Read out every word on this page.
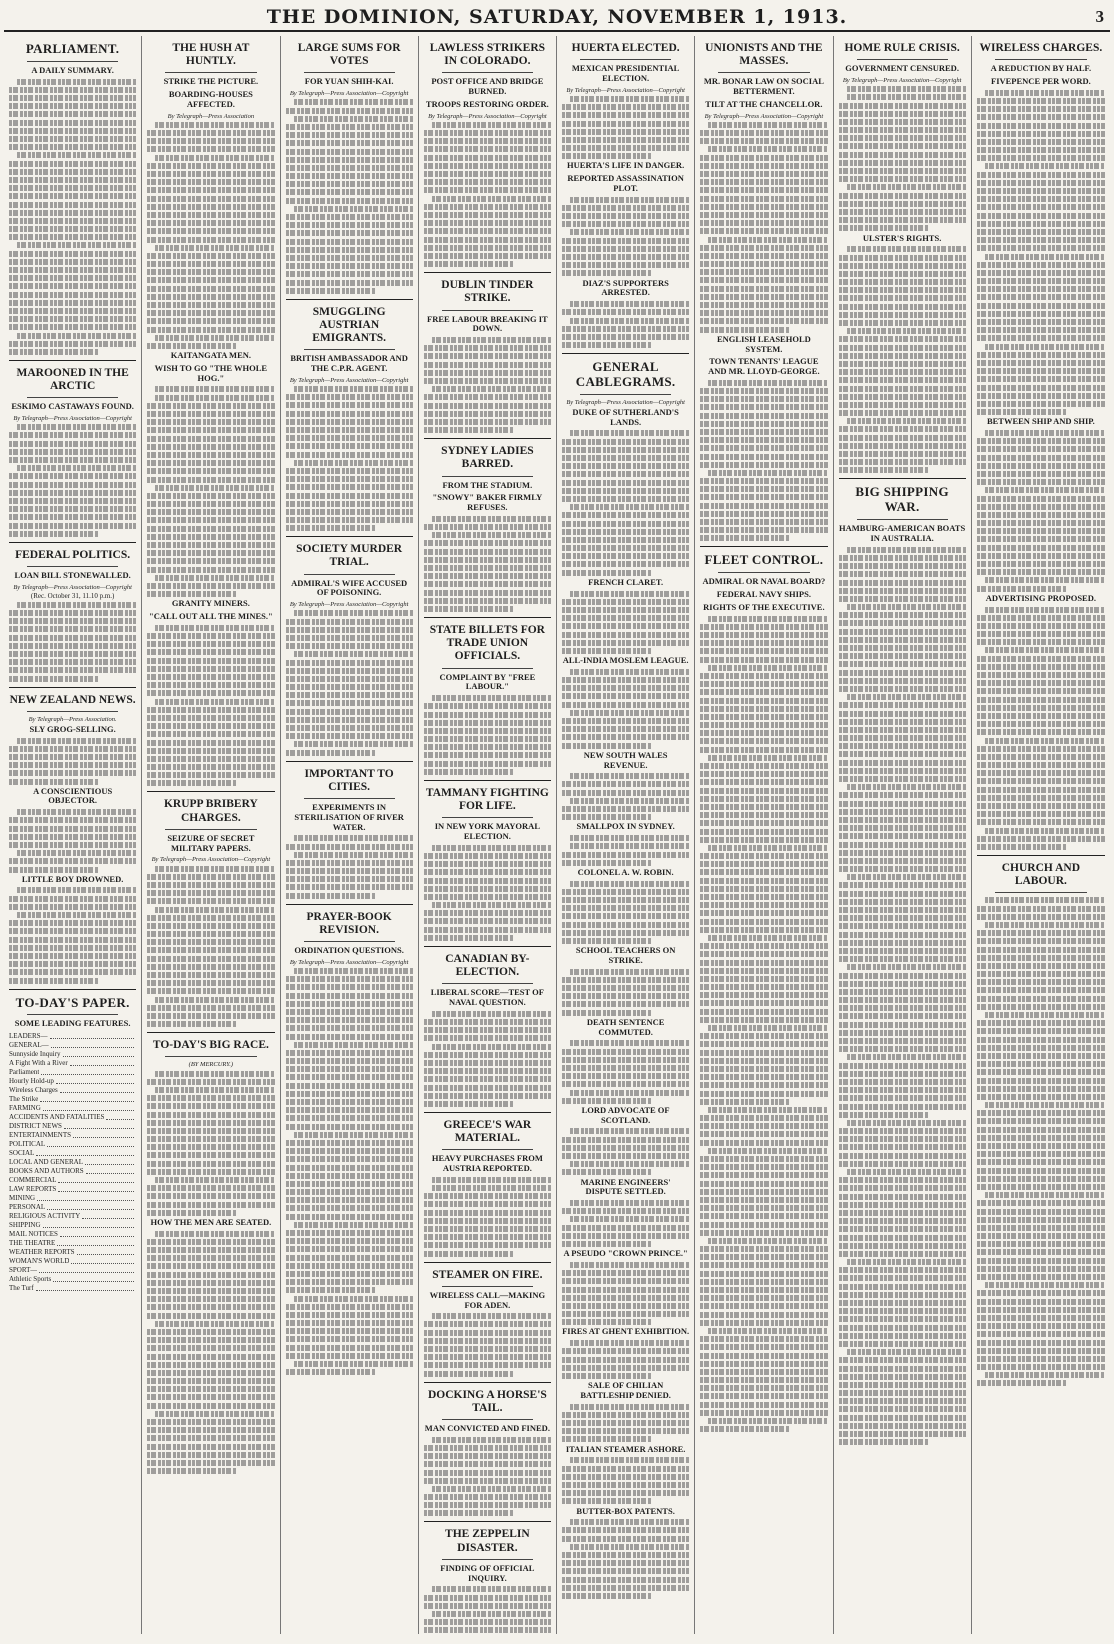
THE DOMINION, SATURDAY, NOVEMBER 1, 1913.	3
PARLIAMENT.
A DAILY SUMMARY.
MAROONED IN THE ARCTIC
ESKIMO CASTAWAYS FOUND.
By Telegraph—Press Association—Copyright
FEDERAL POLITICS.
LOAN BILL STONEWALLED.
By Telegraph—Press Association—Copyright
(Rec. October 31, 11.10 p.m.)
NEW ZEALAND NEWS.
By Telegraph—Press Association.
SLY GROG-SELLING.
A CONSCIENTIOUS OBJECTOR.
LITTLE BOY DROWNED.
TO-DAY'S PAPER.
SOME LEADING FEATURES.
LEADERS—
GENERAL—
Sunnyside Inquiry
A Fight With a River
Parliament
Hourly Hold-up
Wireless Charges
The Strike
FARMING
ACCIDENTS AND FATALITIES
DISTRICT NEWS
ENTERTAINMENTS
POLITICAL
SOCIAL
LOCAL AND GENERAL
BOOKS AND AUTHORS
COMMERCIAL
LAW REPORTS
MINING
PERSONAL
RELIGIOUS ACTIVITY
SHIPPING
MAIL NOTICES
THE THEATRE
WEATHER REPORTS
WOMAN'S WORLD
SPORT—
Athletic Sports
The Turf
THE HUSH AT HUNTLY.
STRIKE THE PICTURE.
BOARDING-HOUSES AFFECTED.
By Telegraph—Press Association
KAITANGATA MEN.
WISH TO GO "THE WHOLE HOG."
GRANITY MINERS.
"CALL OUT ALL THE MINES."
KRUPP BRIBERY CHARGES.
SEIZURE OF SECRET MILITARY PAPERS.
By Telegraph—Press Association—Copyright
TO-DAY'S BIG RACE.
(BY MERCURY.)
HOW THE MEN ARE SEATED.
LARGE SUMS FOR VOTES
FOR YUAN SHIH-KAI.
By Telegraph—Press Association—Copyright
SMUGGLING AUSTRIAN EMIGRANTS.
BRITISH AMBASSADOR AND THE C.P.R. AGENT.
By Telegraph—Press Association—Copyright
SOCIETY MURDER TRIAL.
ADMIRAL'S WIFE ACCUSED OF POISONING.
By Telegraph—Press Association—Copyright
IMPORTANT TO CITIES.
EXPERIMENTS IN STERILISATION OF RIVER WATER.
PRAYER-BOOK REVISION.
ORDINATION QUESTIONS.
By Telegraph—Press Association—Copyright
LAWLESS STRIKERS IN COLORADO.
POST OFFICE AND BRIDGE BURNED.
TROOPS RESTORING ORDER.
By Telegraph—Press Association—Copyright
DUBLIN TINDER STRIKE.
FREE LABOUR BREAKING IT DOWN.
SYDNEY LADIES BARRED.
FROM THE STADIUM.
"SNOWY" BAKER FIRMLY REFUSES.
STATE BILLETS FOR TRADE UNION OFFICIALS.
COMPLAINT BY "FREE LABOUR."
TAMMANY FIGHTING FOR LIFE.
IN NEW YORK MAYORAL ELECTION.
CANADIAN BY-ELECTION.
LIBERAL SCORE—TEST OF NAVAL QUESTION.
GREECE'S WAR MATERIAL.
HEAVY PURCHASES FROM AUSTRIA REPORTED.
STEAMER ON FIRE.
WIRELESS CALL—MAKING FOR ADEN.
DOCKING A HORSE'S TAIL.
MAN CONVICTED AND FINED.
THE ZEPPELIN DISASTER.
FINDING OF OFFICIAL INQUIRY.
HUERTA ELECTED.
MEXICAN PRESIDENTIAL ELECTION.
By Telegraph—Press Association—Copyright
HUERTA'S LIFE IN DANGER.
REPORTED ASSASSINATION PLOT.
DIAZ'S SUPPORTERS ARRESTED.
GENERAL CABLEGRAMS.
By Telegraph—Press Association—Copyright
DUKE OF SUTHERLAND'S LANDS.
FRENCH CLARET.
ALL-INDIA MOSLEM LEAGUE.
NEW SOUTH WALES REVENUE.
SMALLPOX IN SYDNEY.
COLONEL A. W. ROBIN.
SCHOOL TEACHERS ON STRIKE.
DEATH SENTENCE COMMUTED.
LORD ADVOCATE OF SCOTLAND.
MARINE ENGINEERS' DISPUTE SETTLED.
A PSEUDO "CROWN PRINCE."
FIRES AT GHENT EXHIBITION.
SALE OF CHILIAN BATTLESHIP DENIED.
ITALIAN STEAMER ASHORE.
BUTTER-BOX PATENTS.
UNIONISTS AND THE MASSES.
MR. BONAR LAW ON SOCIAL BETTERMENT.
TILT AT THE CHANCELLOR.
By Telegraph—Press Association—Copyright
ENGLISH LEASEHOLD SYSTEM.
TOWN TENANTS' LEAGUE AND MR. LLOYD-GEORGE.
FLEET CONTROL.
ADMIRAL OR NAVAL BOARD?
FEDERAL NAVY SHIPS.
RIGHTS OF THE EXECUTIVE.
HOME RULE CRISIS.
GOVERNMENT CENSURED.
By Telegraph—Press Association—Copyright
ULSTER'S RIGHTS.
BIG SHIPPING WAR.
HAMBURG-AMERICAN BOATS IN AUSTRALIA.
WIRELESS CHARGES.
A REDUCTION BY HALF.
FIVEPENCE PER WORD.
BETWEEN SHIP AND SHIP.
ADVERTISING PROPOSED.
CHURCH AND LABOUR.
